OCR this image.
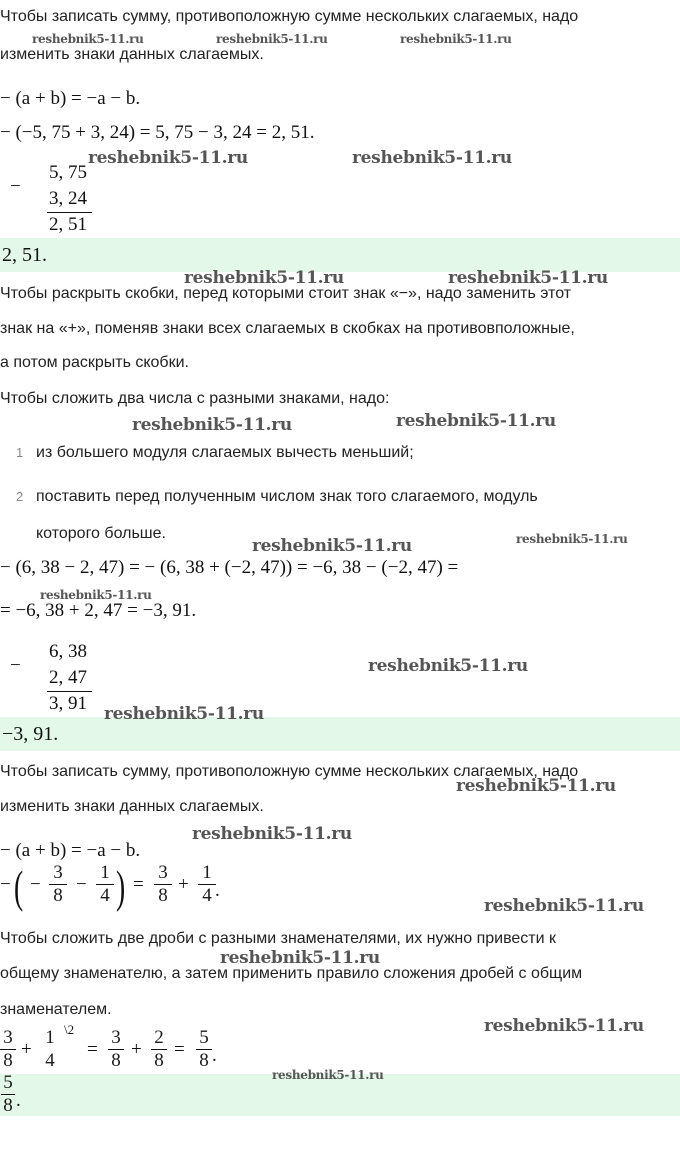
Чтобы записать сумму, противоположную сумме нескольких слагаемых, надо
изменить знаки данных слагаемых.
− (a + b) = −a − b.
− (−5, 75 + 3, 24) = 5, 75 − 3, 24 = 2, 51.
−
5, 75
3, 24
2, 51
2, 51.
Чтобы раскрыть скобки, перед которыми стоит знак «−», надо заменить этот
знак на «+», поменяв знаки всех слагаемых в скобках на противовположные,
а потом раскрыть скобки.
Чтобы сложить два числа с разными знаками, надо:
1 из большего модуля слагаемых вычесть меньший;
2 поставить перед полученным числом знак того слагаемого, модуль
которого больше.
− (6, 38 − 2, 47) = − (6, 38 + (−2, 47)) = −6, 38 − (−2, 47) =
= −6, 38 + 2, 47 = −3, 91.
−
6, 38
2, 47
3, 91
−3, 91.
Чтобы записать сумму, противоположную сумме нескольких слагаемых, надо
изменить знаки данных слагаемых.
− (a + b) = −a − b.
− ( −
3
8
−
1
4 ) =
3
8
+
1
4 .
Чтобы сложить две дроби с разными знаменателями, их нужно привести к
общему знаменателю, а затем применить правило сложения дробей с общим
знаменателем.
3
8
+
1
4
\2
=
3
8
+
2
8
=
5
8 .
5
8 .
reshebnik5-11.ru	reshebnik5-11.ru	reshebnik5-11.ru
reshebnik5-11.ru	reshebnik5-11.ru
reshebnik5-11.ru	reshebnik5-11.ru
reshebnik5-11.ru	reshebnik5-11.ru
reshebnik5-11.ru	reshebnik5-11.ru
reshebnik5-11.ru
reshebnik5-11.ru
reshebnik5-11.ru
reshebnik5-11.ru
reshebnik5-11.ru
reshebnik5-11.ru
reshebnik5-11.ru
reshebnik5-11.ru
reshebnik5-11.ru
